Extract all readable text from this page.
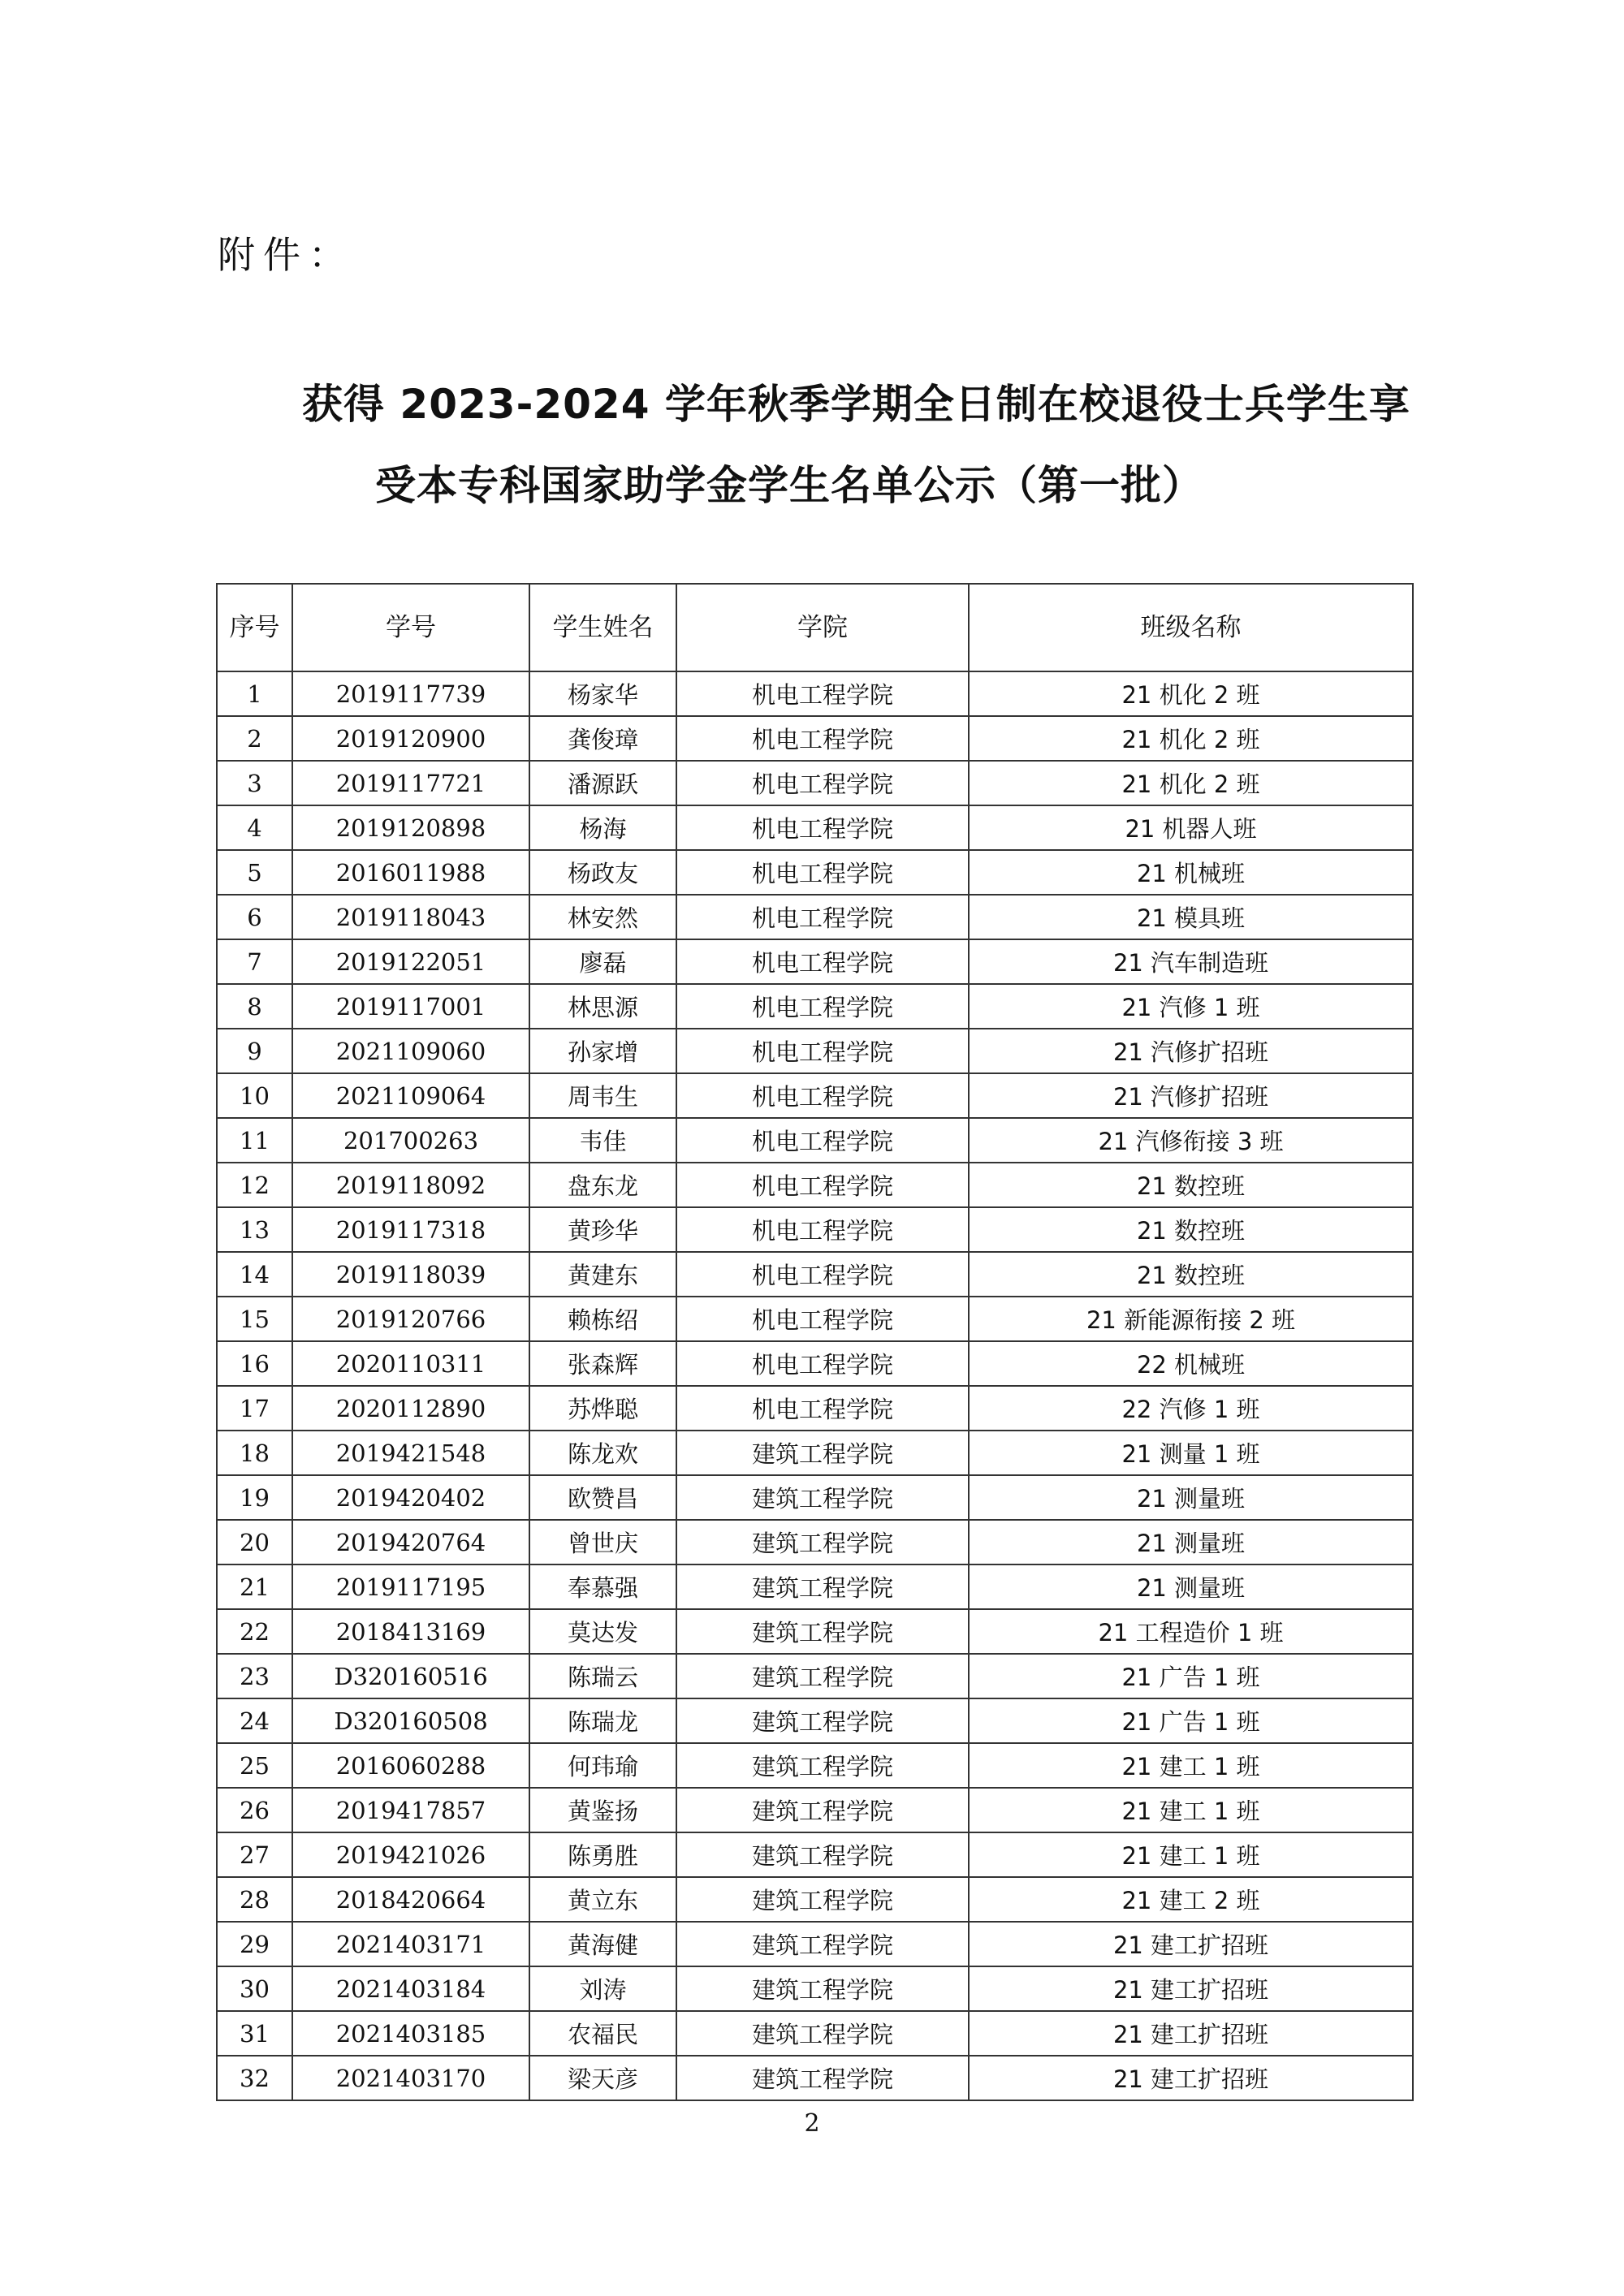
附件：
获得 2023-2024 学年秋季学期全日制在校退役士兵学生享
受本专科国家助学金学生名单公示（第一批）
序号	学号	学生姓名	学院	班级名称
1	2019117739	杨家华	机电工程学院	21 机化 2 班
2	2019120900	龚俊璋	机电工程学院	21 机化 2 班
3	2019117721	潘源跃	机电工程学院	21 机化 2 班
4	2019120898	杨海	机电工程学院	21 机器人班
5	2016011988	杨政友	机电工程学院	21 机械班
6	2019118043	林安然	机电工程学院	21 模具班
7	2019122051	廖磊	机电工程学院	21 汽车制造班
8	2019117001	林思源	机电工程学院	21 汽修 1 班
9	2021109060	孙家增	机电工程学院	21 汽修扩招班
10	2021109064	周韦生	机电工程学院	21 汽修扩招班
11	201700263	韦佳	机电工程学院	21 汽修衔接 3 班
12	2019118092	盘东龙	机电工程学院	21 数控班
13	2019117318	黄珍华	机电工程学院	21 数控班
14	2019118039	黄建东	机电工程学院	21 数控班
15	2019120766	赖栋绍	机电工程学院	21 新能源衔接 2 班
16	2020110311	张森辉	机电工程学院	22 机械班
17	2020112890	苏烨聪	机电工程学院	22 汽修 1 班
18	2019421548	陈龙欢	建筑工程学院	21 测量 1 班
19	2019420402	欧赞昌	建筑工程学院	21 测量班
20	2019420764	曾世庆	建筑工程学院	21 测量班
21	2019117195	奉慕强	建筑工程学院	21 测量班
22	2018413169	莫达发	建筑工程学院	21 工程造价 1 班
23	D320160516	陈瑞云	建筑工程学院	21 广告 1 班
24	D320160508	陈瑞龙	建筑工程学院	21 广告 1 班
25	2016060288	何玮瑜	建筑工程学院	21 建工 1 班
26	2019417857	黄鉴扬	建筑工程学院	21 建工 1 班
27	2019421026	陈勇胜	建筑工程学院	21 建工 1 班
28	2018420664	黄立东	建筑工程学院	21 建工 2 班
29	2021403171	黄海健	建筑工程学院	21 建工扩招班
30	2021403184	刘涛	建筑工程学院	21 建工扩招班
31	2021403185	农福民	建筑工程学院	21 建工扩招班
32	2021403170	梁天彦	建筑工程学院	21 建工扩招班
2
